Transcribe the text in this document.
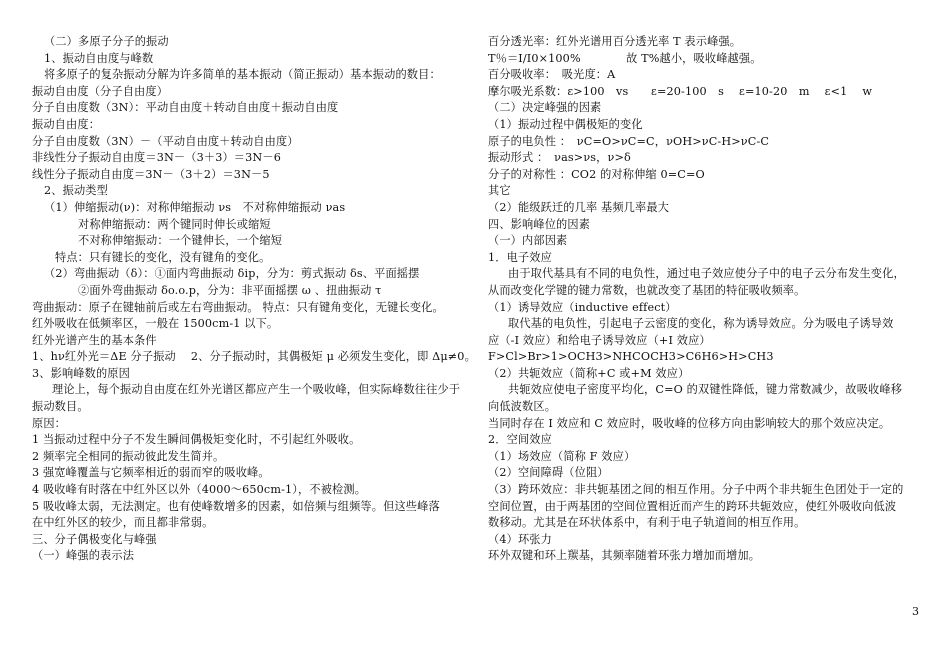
（二）多原子分子的振动
1、振动自由度与峰数
将多原子的复杂振动分解为许多简单的基本振动（简正振动）基本振动的数目：
振动自由度（分子自由度）
分子自由度数（3N）：平动自由度＋转动自由度＋振动自由度
振动自由度：
分子自由度数（3N）－（平动自由度＋转动自由度）
非线性分子振动自由度＝3N－（3＋3）＝3N－6
线性分子振动自由度＝3N－（3＋2）＝3N－5
2、振动类型
（1）伸缩振动(ν)：对称伸缩振动 νs　不对称伸缩振动 νas
对称伸缩振动：两个键同时伸长或缩短
不对称伸缩振动：一个键伸长，一个缩短
特点：只有键长的变化，没有键角的变化。
（2）弯曲振动（δ）：①面内弯曲振动 δip，分为：剪式振动 δs、平面摇摆
②面外弯曲振动 δo.o.p，分为：非平面摇摆 ω 、扭曲振动 τ
弯曲振动：原子在键轴前后或左右弯曲振动。 特点：只有键角变化，无键长变化。
红外吸收在低频率区，一般在 1500cm-1 以下。
红外光谱产生的基本条件
1、hν红外光＝ΔE 分子振动　 2、分子振动时，其偶极矩 μ 必须发生变化，即 Δμ≠0。
3、影响峰数的原因
理论上，每个振动自由度在红外光谱区都应产生一个吸收峰，但实际峰数往往少于
振动数目。
原因：
1 当振动过程中分子不发生瞬间偶极矩变化时，不引起红外吸收。
2 频率完全相同的振动彼此发生简并。
3 强宽峰覆盖与它频率相近的弱而窄的吸收峰。
4 吸收峰有时落在中红外区以外（4000～650cm-1），不被检测。
5 吸收峰太弱，无法测定。也有使峰数增多的因素，如倍频与组频等。但这些峰落
在中红外区的较少，而且都非常弱。
三、分子偶极变化与峰强
（一）峰强的表示法
百分透光率：红外光谱用百分透光率 T 表示峰强。
T％＝I/I0×100%　　　　故 T%越小，吸收峰越强。
百分吸收率：　吸光度：A
摩尔吸光系数：ε>100　vs　　ε=20-100　s　 ε=10-20　m　 ε<1　 w
（二）决定峰强的因素
（1）振动过程中偶极矩的变化
原子的电负性 ：　νC=O>νC=C，νOH>νC-H>νC-C
振动形式 ：　νas>νs，ν>δ
分子的对称性 ：CO2 的对称伸缩 0=C=O
其它
（2）能级跃迁的几率 基频几率最大
四、影响峰位的因素
（一）内部因素
1．电子效应
由于取代基具有不同的电负性，通过电子效应使分子中的电子云分布发生变化，
从而改变化学键的键力常数，也就改变了基团的特征吸收频率。
（1）诱导效应（inductive effect）
取代基的电负性，引起电子云密度的变化，称为诱导效应。分为吸电子诱导效
应（-I 效应）和给电子诱导效应（+I 效应）
F>Cl>Br>1>OCH3>NHCOCH3>C6H6>H>CH3
（2）共轭效应（简称+C 或+M 效应）
共轭效应使电子密度平均化，C=O 的双键性降低，键力常数减少，故吸收峰移
向低波数区。
当同时存在 I 效应和 C 效应时，吸收峰的位移方向由影响较大的那个效应决定。
2．空间效应
（1）场效应（简称 F 效应）
（2）空间障碍（位阻）
（3）跨环效应：非共轭基团之间的相互作用。分子中两个非共轭生色团处于一定的
空间位置，由于两基团的空间位置相近而产生的跨环共轭效应，使红外吸收向低波
数移动。尤其是在环状体系中，有利于电子轨道间的相互作用。
（4）环张力
环外双键和环上羰基，其频率随着环张力增加而增加。
3
